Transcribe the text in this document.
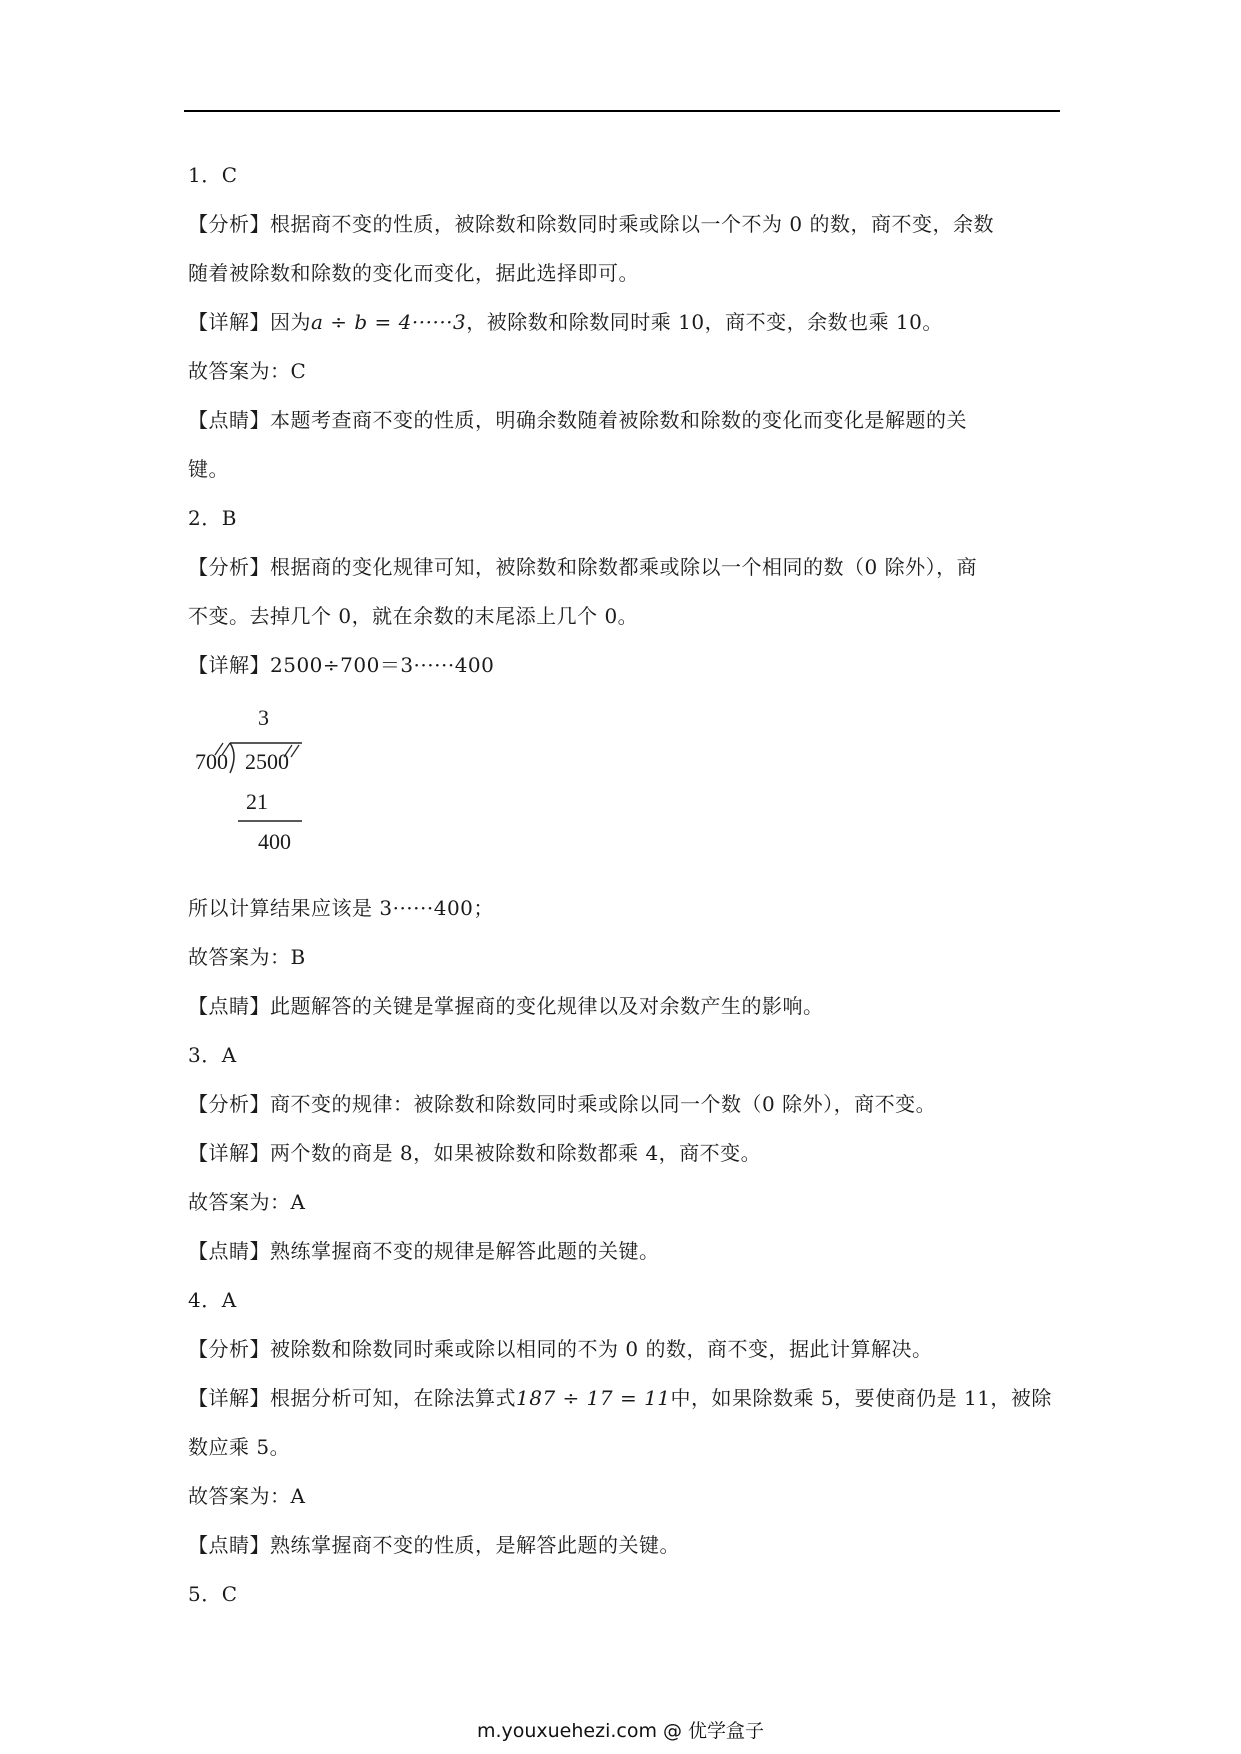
1．C
【分析】根据商不变的性质，被除数和除数同时乘或除以一个不为 0 的数，商不变，余数
随着被除数和除数的变化而变化，据此选择即可。
【详解】因为a ÷ b = 4······3，被除数和除数同时乘 10，商不变，余数也乘 10。
故答案为：C
【点睛】本题考查商不变的性质，明确余数随着被除数和除数的变化而变化是解题的关
键。
2．B
【分析】根据商的变化规律可知，被除数和除数都乘或除以一个相同的数（0 除外），商
不变。去掉几个 0，就在余数的末尾添上几个 0。
【详解】2500÷700＝3······400
3
700 2500
21
400
所以计算结果应该是 3······400；
故答案为：B
【点睛】此题解答的关键是掌握商的变化规律以及对余数产生的影响。
3．A
【分析】商不变的规律：被除数和除数同时乘或除以同一个数（0 除外），商不变。
【详解】两个数的商是 8，如果被除数和除数都乘 4，商不变。
故答案为：A
【点睛】熟练掌握商不变的规律是解答此题的关键。
4．A
【分析】被除数和除数同时乘或除以相同的不为 0 的数，商不变，据此计算解决。
【详解】根据分析可知，在除法算式187 ÷ 17 = 11中，如果除数乘 5，要使商仍是 11，被除
数应乘 5。
故答案为：A
【点睛】熟练掌握商不变的性质，是解答此题的关键。
5．C
m.youxuehezi.com @ 优学盒子
